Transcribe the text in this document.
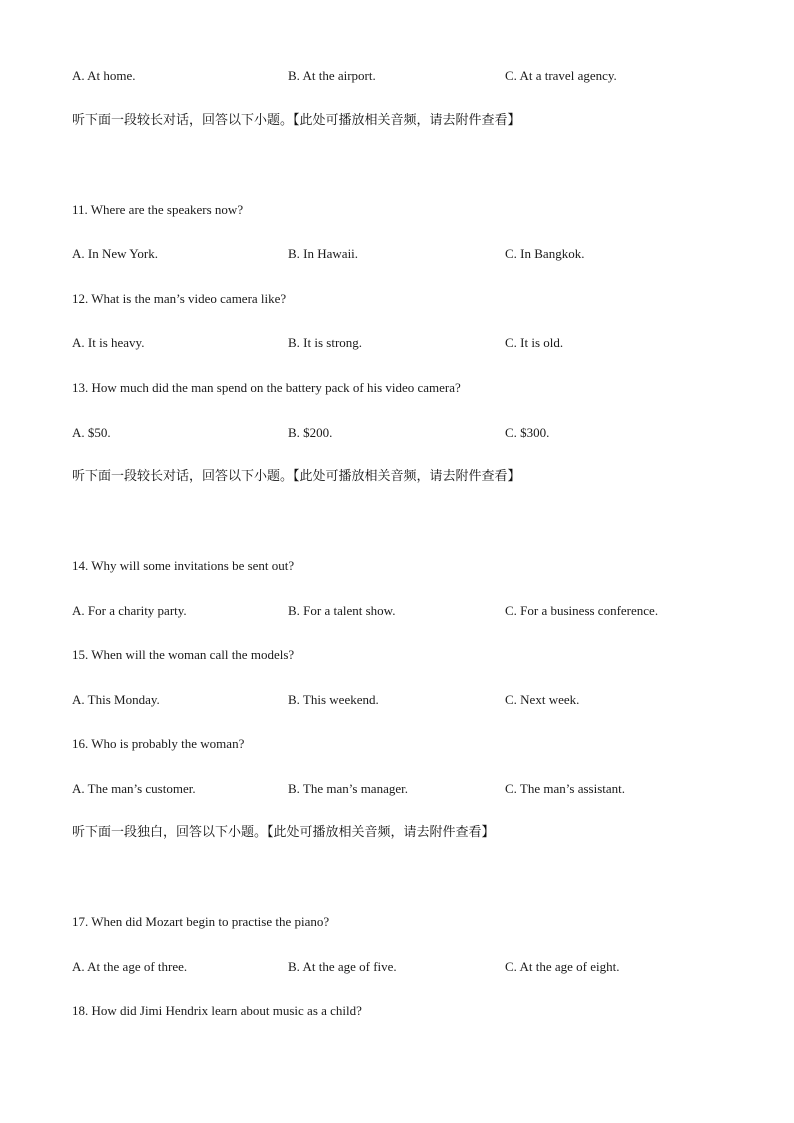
A. At home.	B. At the airport.	C. At a travel agency.
听下面一段较长对话，回答以下小题。【此处可播放相关音频，请去附件查看】
11. Where are the speakers now?
A. In New York.	B. In Hawaii.	C. In Bangkok.
12. What is the man’s video camera like?
A. It is heavy.	B. It is strong.	C. It is old.
13. How much did the man spend on the battery pack of his video camera?
A. $50.	B. $200.	C. $300.
听下面一段较长对话，回答以下小题。【此处可播放相关音频，请去附件查看】
14. Why will some invitations be sent out?
A. For a charity party.	B. For a talent show.	C. For a business conference.
15. When will the woman call the models?
A. This Monday.	B. This weekend.	C. Next week.
16. Who is probably the woman?
A. The man’s customer.	B. The man’s manager.	C. The man’s assistant.
听下面一段独白，回答以下小题。【此处可播放相关音频，请去附件查看】
17. When did Mozart begin to practise the piano?
A. At the age of three.	B. At the age of five.	C. At the age of eight.
18. How did Jimi Hendrix learn about music as a child?
